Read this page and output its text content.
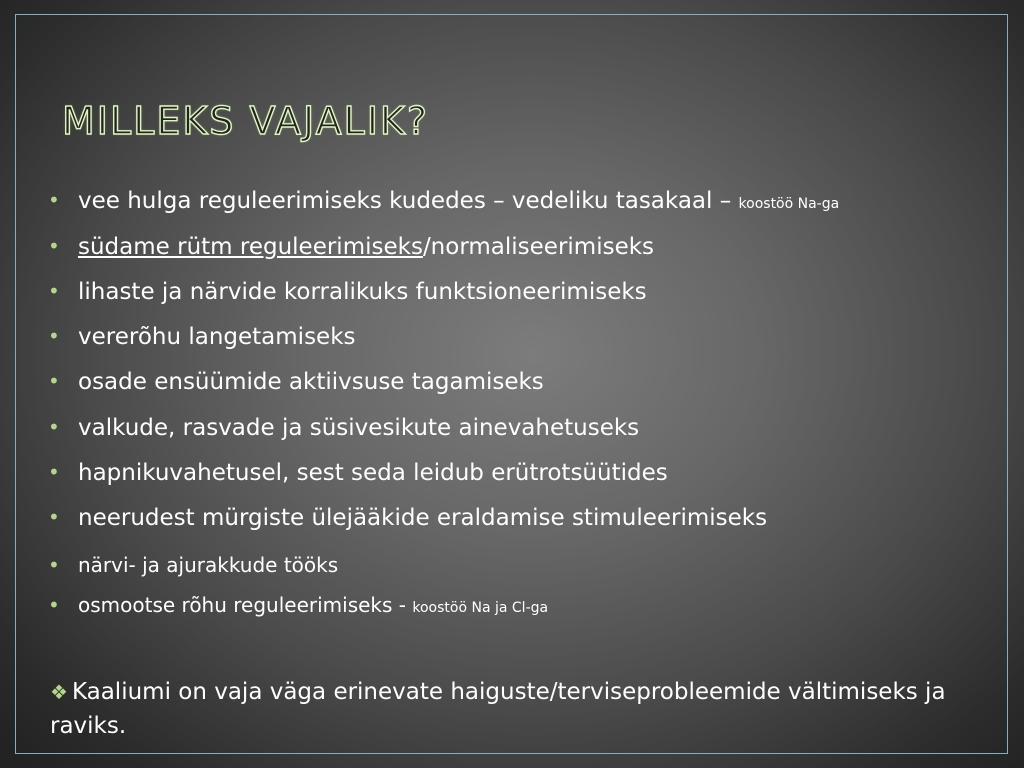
MILLEKS VAJALIK?
• vee hulga reguleerimiseks kudedes – vedeliku tasakaal – koostöö Na-ga
• südame rütm reguleerimiseks/normaliseerimiseks
• lihaste ja närvide korralikuks funktsioneerimiseks
• vererõhu langetamiseks
• osade ensüümide aktiivsuse tagamiseks
• valkude, rasvade ja süsivesikute ainevahetuseks
• hapnikuvahetusel, sest seda leidub erütrotsüütides
• neerudest mürgiste ülejääkide eraldamise stimuleerimiseks
• närvi- ja ajurakkude tööks
• osmootse rõhu reguleerimiseks - koostöö Na ja Cl-ga
❖ Kaaliumi on vaja väga erinevate haiguste/terviseprobleemide vältimiseks ja raviks.
